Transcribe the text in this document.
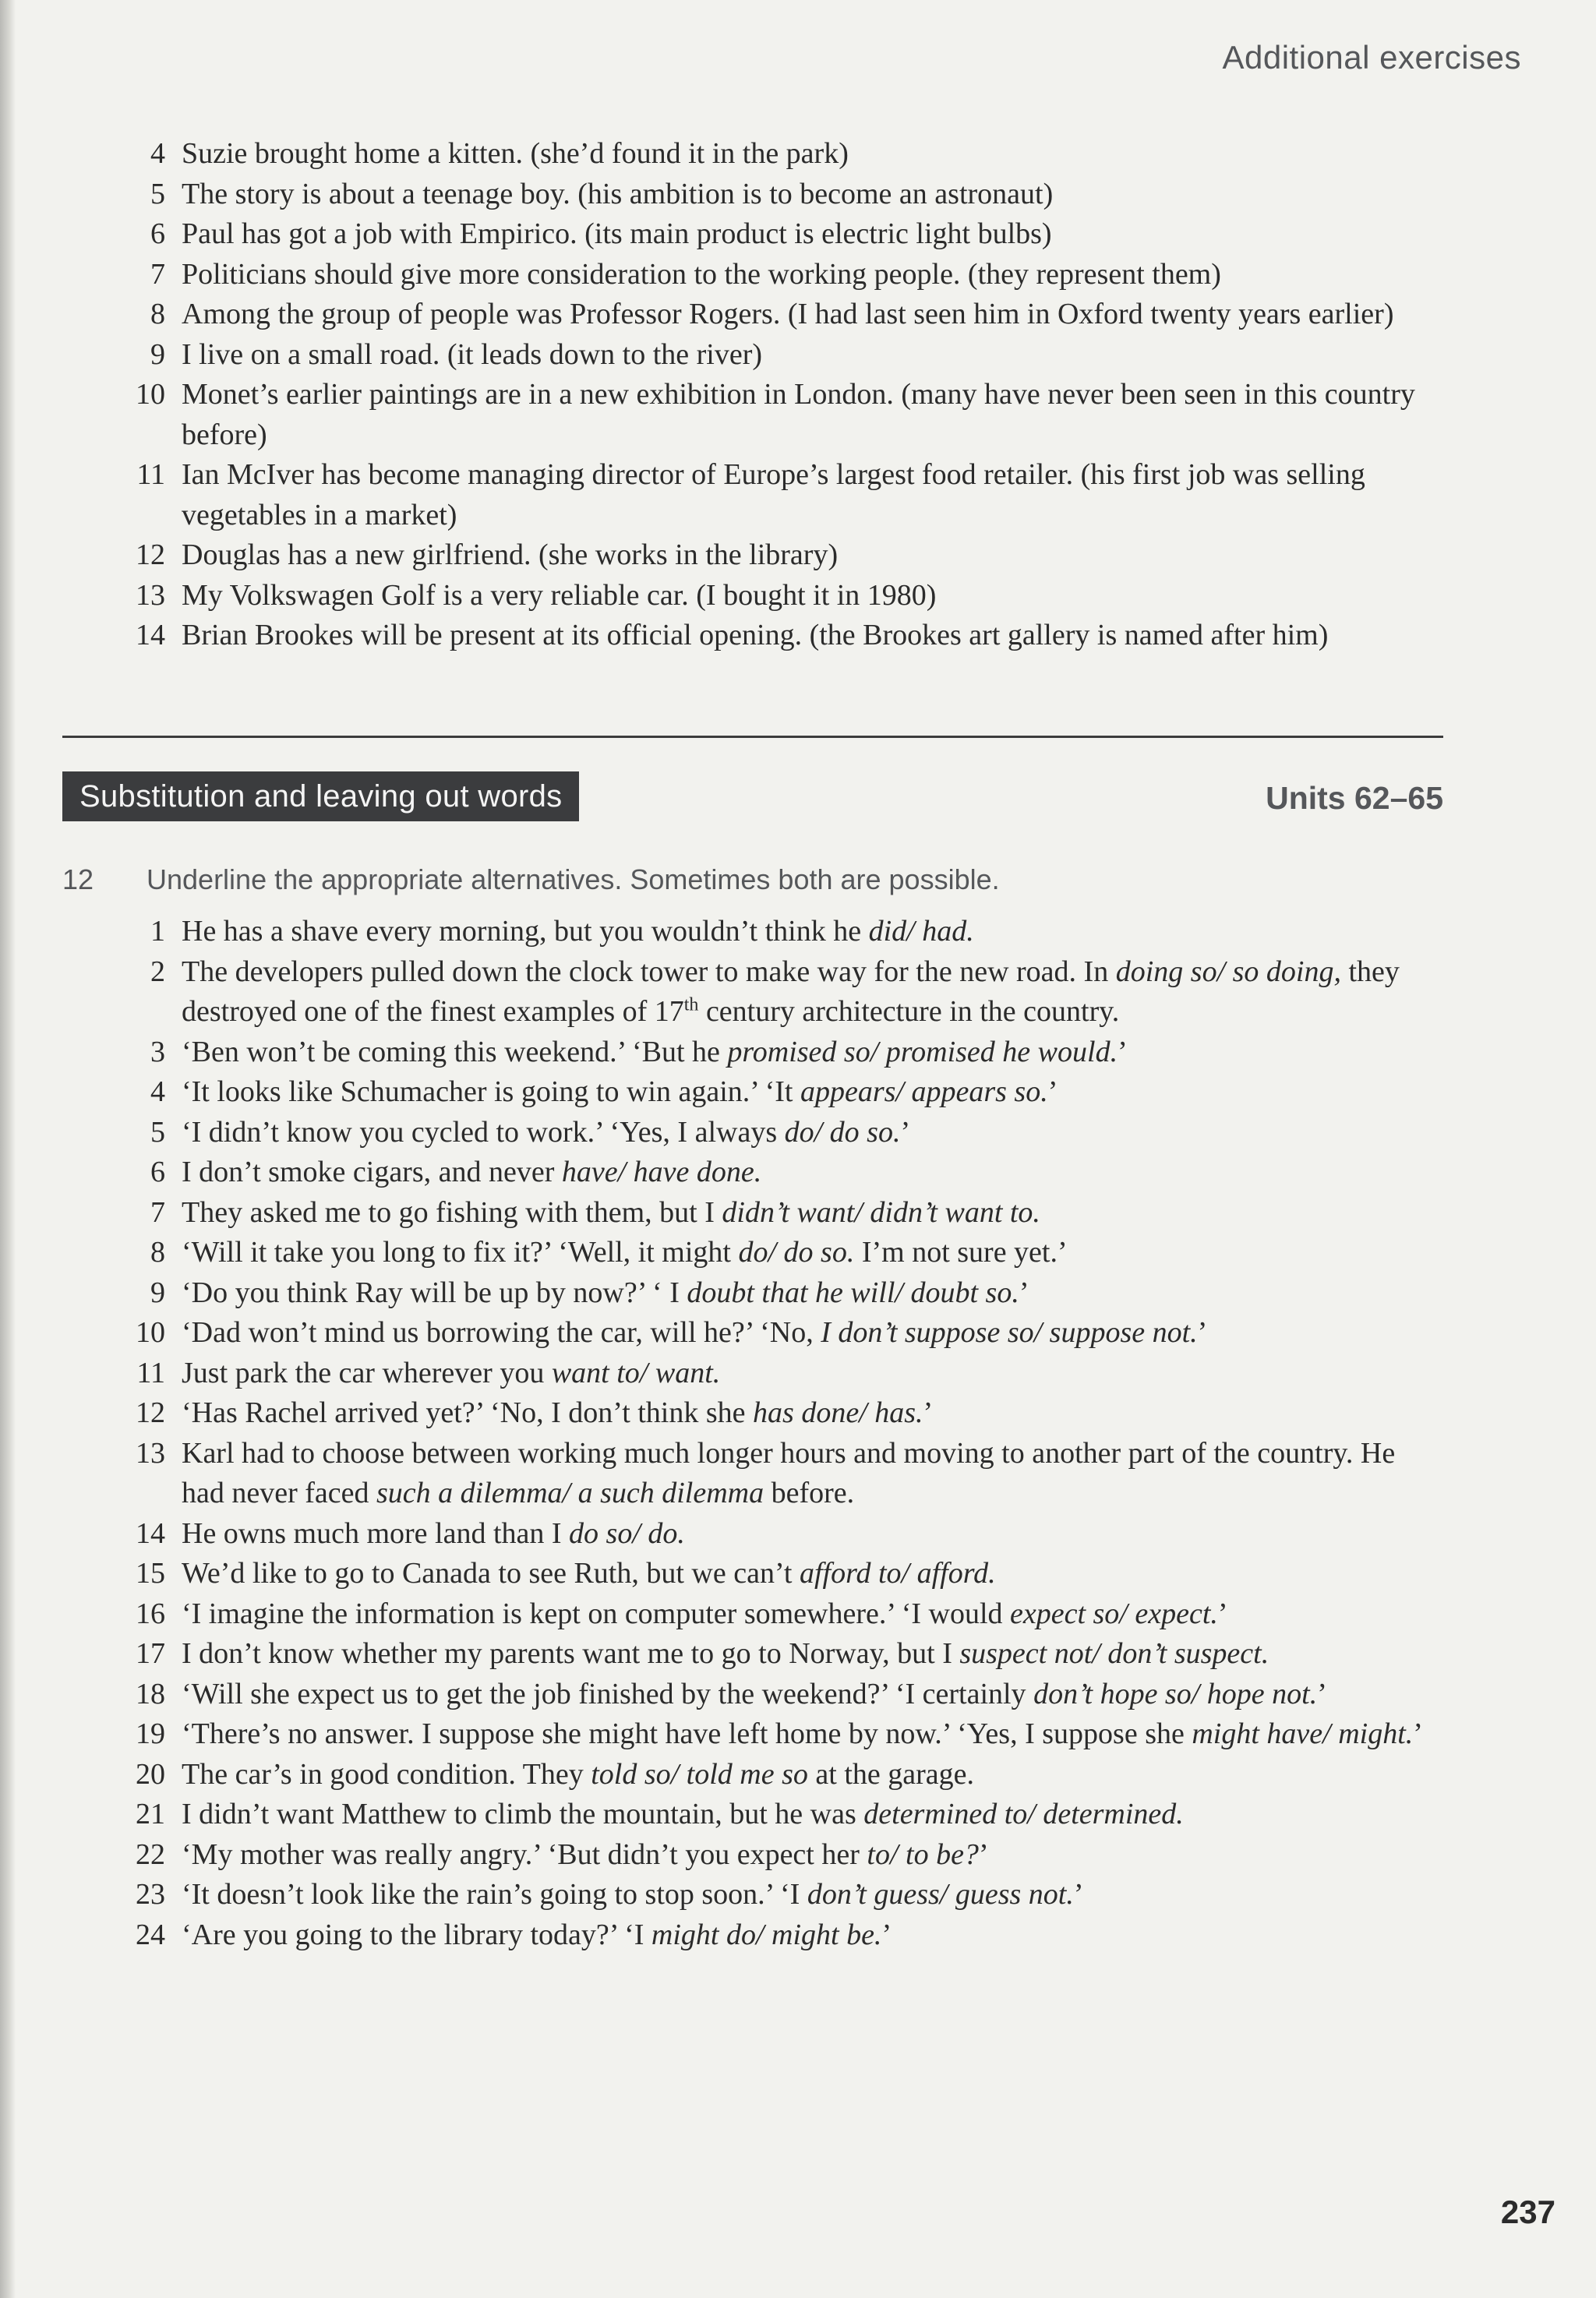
Additional exercises
4 Suzie brought home a kitten. (she’d found it in the park)
5 The story is about a teenage boy. (his ambition is to become an astronaut)
6 Paul has got a job with Empirico. (its main product is electric light bulbs)
7 Politicians should give more consideration to the working people. (they represent them)
8 Among the group of people was Professor Rogers. (I had last seen him in Oxford twenty years earlier)
9 I live on a small road. (it leads down to the river)
10 Monet’s earlier paintings are in a new exhibition in London. (many have never been seen in this country before)
11 Ian McIver has become managing director of Europe’s largest food retailer. (his first job was selling vegetables in a market)
12 Douglas has a new girlfriend. (she works in the library)
13 My Volkswagen Golf is a very reliable car. (I bought it in 1980)
14 Brian Brookes will be present at its official opening. (the Brookes art gallery is named after him)
Substitution and leaving out words	Units 62–65
12 Underline the appropriate alternatives. Sometimes both are possible.
1 He has a shave every morning, but you wouldn’t think he did/ had.
2 The developers pulled down the clock tower to make way for the new road. In doing so/ so doing, they destroyed one of the finest examples of 17th century architecture in the country.
3 ‘Ben won’t be coming this weekend.’ ‘But he promised so/ promised he would.’
4 ‘It looks like Schumacher is going to win again.’ ‘It appears/ appears so.’
5 ‘I didn’t know you cycled to work.’ ‘Yes, I always do/ do so.’
6 I don’t smoke cigars, and never have/ have done.
7 They asked me to go fishing with them, but I didn’t want/ didn’t want to.
8 ‘Will it take you long to fix it?’ ‘Well, it might do/ do so. I’m not sure yet.’
9 ‘Do you think Ray will be up by now?’ ‘ I doubt that he will/ doubt so.’
10 ‘Dad won’t mind us borrowing the car, will he?’ ‘No, I don’t suppose so/ suppose not.’
11 Just park the car wherever you want to/ want.
12 ‘Has Rachel arrived yet?’ ‘No, I don’t think she has done/ has.’
13 Karl had to choose between working much longer hours and moving to another part of the country. He had never faced such a dilemma/ a such dilemma before.
14 He owns much more land than I do so/ do.
15 We’d like to go to Canada to see Ruth, but we can’t afford to/ afford.
16 ‘I imagine the information is kept on computer somewhere.’ ‘I would expect so/ expect.’
17 I don’t know whether my parents want me to go to Norway, but I suspect not/ don’t suspect.
18 ‘Will she expect us to get the job finished by the weekend?’ ‘I certainly don’t hope so/ hope not.’
19 ‘There’s no answer. I suppose she might have left home by now.’ ‘Yes, I suppose she might have/ might.’
20 The car’s in good condition. They told so/ told me so at the garage.
21 I didn’t want Matthew to climb the mountain, but he was determined to/ determined.
22 ‘My mother was really angry.’ ‘But didn’t you expect her to/ to be?’
23 ‘It doesn’t look like the rain’s going to stop soon.’ ‘I don’t guess/ guess not.’
24 ‘Are you going to the library today?’ ‘I might do/ might be.’
237
